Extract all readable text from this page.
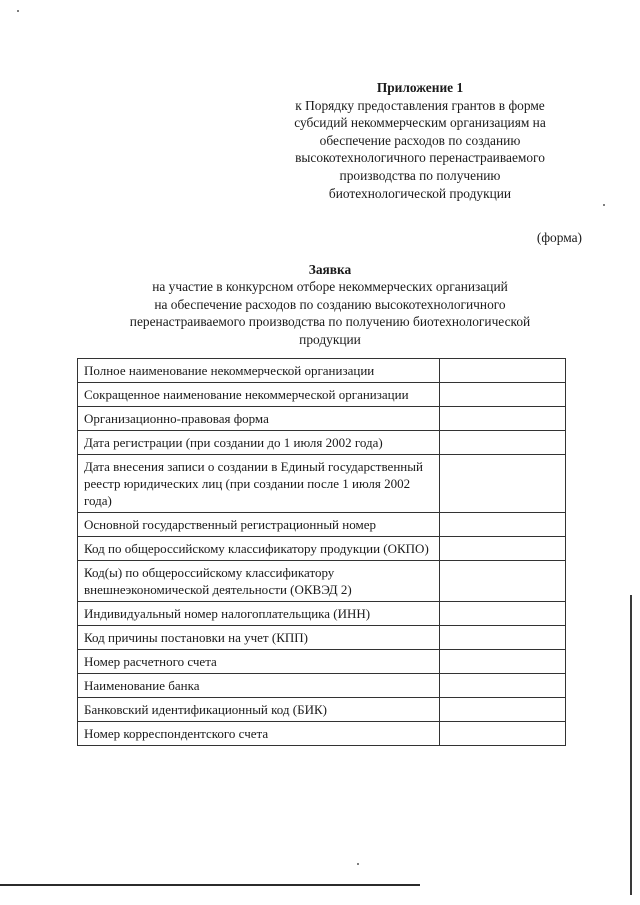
Приложение 1
к Порядку предоставления грантов в форме
субсидий некоммерческим организациям на
обеспечение расходов по созданию
высокотехнологичного перенастраиваемого
производства по получению
биотехнологической продукции
(форма)
Заявка
на участие в конкурсном отборе некоммерческих организаций
на обеспечение расходов по созданию высокотехнологичного
перенастраиваемого производства по получению биотехнологической
продукции
Полное наименование некоммерческой организации	
Сокращенное наименование некоммерческой организации	
Организационно-правовая форма	
Дата регистрации (при создании до 1 июля 2002 года)	
Дата внесения записи о создании в Единый государственный реестр юридических лиц (при создании после 1 июля 2002 года)	
Основной государственный регистрационный номер	
Код по общероссийскому классификатору продукции (ОКПО)	
Код(ы) по общероссийскому классификатору внешнеэкономической деятельности (ОКВЭД 2)	
Индивидуальный номер налогоплательщика (ИНН)	
Код причины постановки на учет (КПП)	
Номер расчетного счета	
Наименование банка	
Банковский идентификационный код (БИК)	
Номер корреспондентского счета	
